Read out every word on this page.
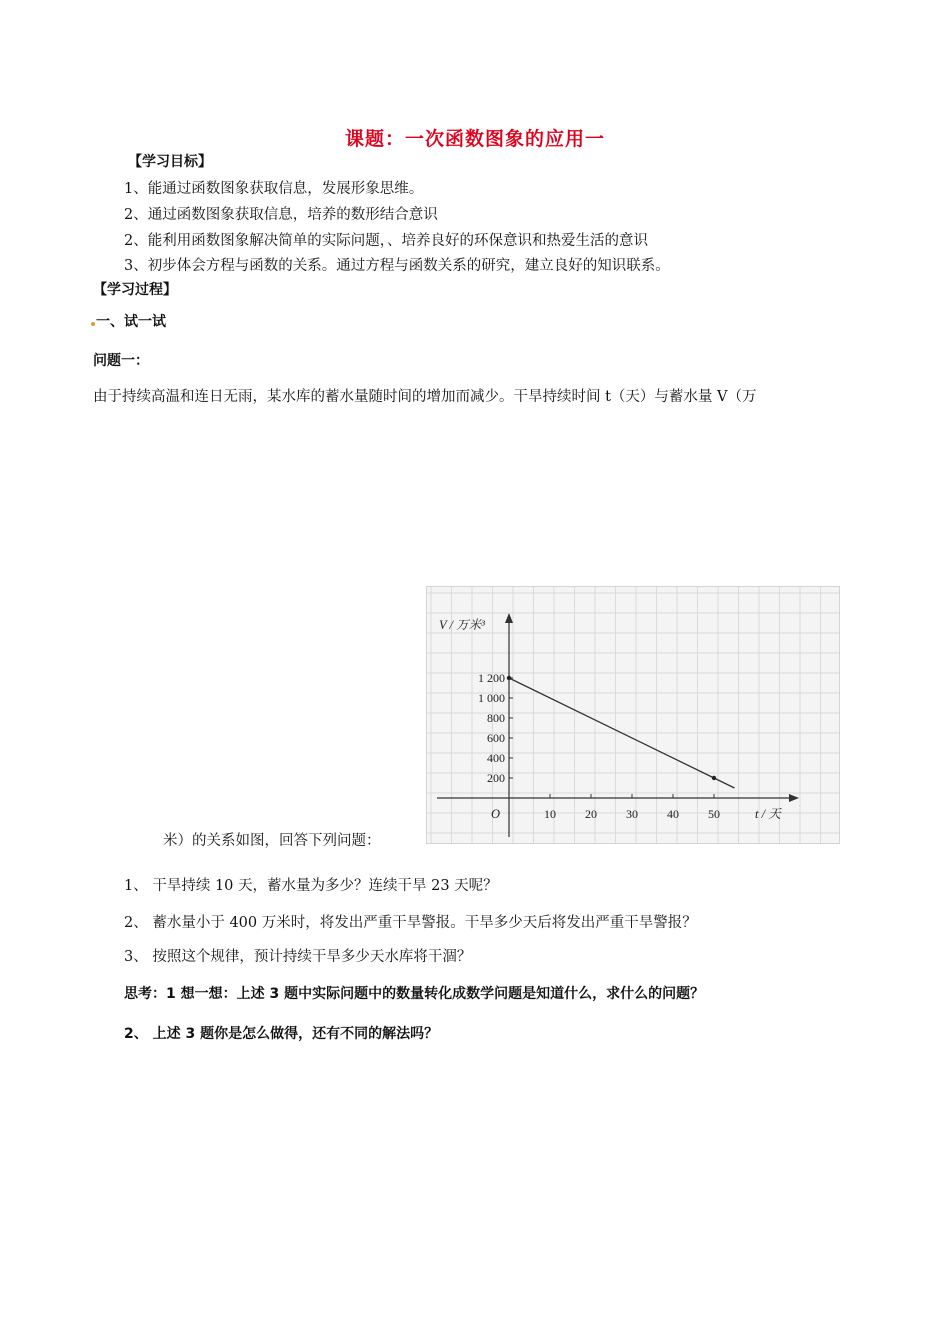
课题：一次函数图象的应用一
【学习目标】
1、能通过函数图象获取信息，发展形象思维。
2、通过函数图象获取信息，培养的数形结合意识
2、能利用函数图象解决简单的实际问题，、培养良好的环保意识和热爱生活的意识
3、初步体会方程与函数的关系。通过方程与函数关系的研究，建立良好的知识联系。
【学习过程】
一、试一试
问题一：
由于持续高温和连日无雨，某水库的蓄水量随时间的增加而减少。干旱持续时间 t（天）与蓄水量 V（万
10 20 30 40 50
200
400
600
800
1 000
1 200
V / 万米³
t / 天
O
米）的关系如图，回答下列问题：
1、 干旱持续 10 天，蓄水量为多少？连续干旱 23 天呢？
2、 蓄水量小于 400 万米时，将发出严重干旱警报。干旱多少天后将发出严重干旱警报？
3、 按照这个规律，预计持续干旱多少天水库将干涸？
思考：1 想一想：上述 3 题中实际问题中的数量转化成数学问题是知道什么，求什么的问题？
2、 上述 3 题你是怎么做得，还有不同的解法吗？
